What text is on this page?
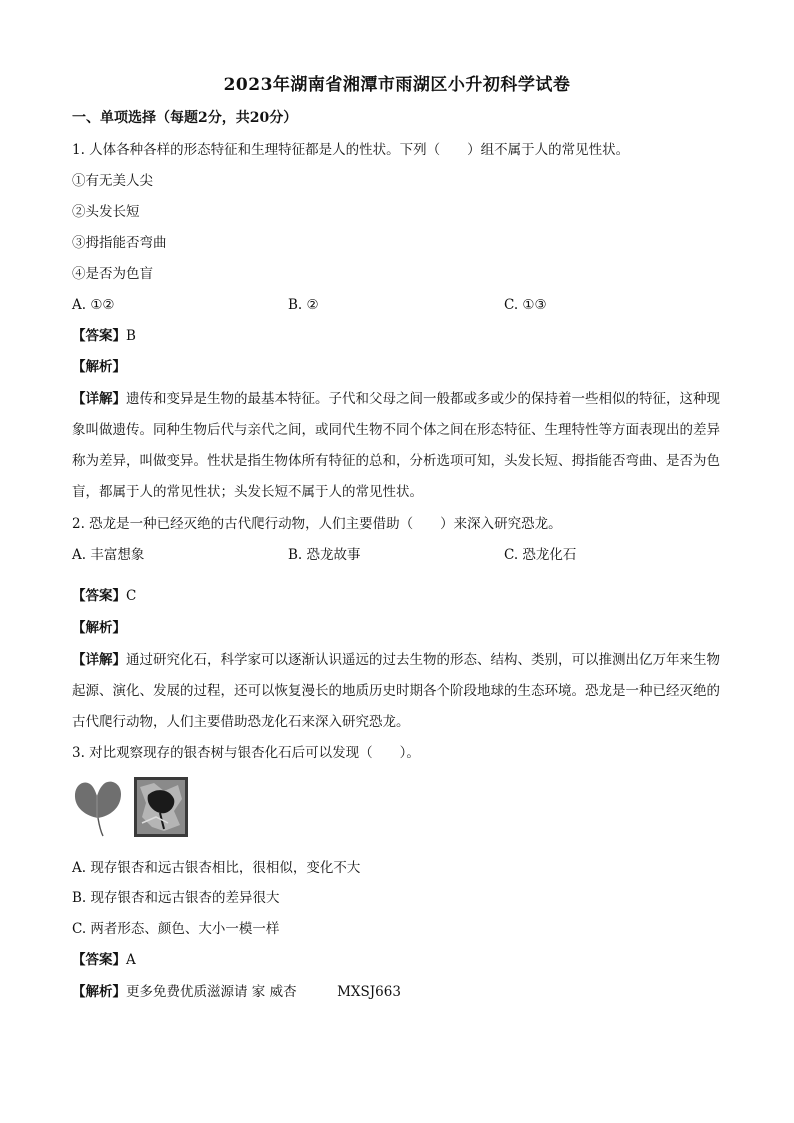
2023年湖南省湘潭市雨湖区小升初科学试卷
一、单项选择（每题2分，共20分）
1. 人体各种各样的形态特征和生理特征都是人的性状。下列（　　）组不属于人的常见性状。
①有无美人尖
②头发长短
③拇指能否弯曲
④是否为色盲
A. ①②	B. ②	C. ①③
【答案】B
【解析】
【详解】遗传和变异是生物的最基本特征。子代和父母之间一般都或多或少的保持着一些相似的特征，这种现象叫做遗传。同种生物后代与亲代之间，或同代生物不同个体之间在形态特征、生理特性等方面表现出的差异称为差异，叫做变异。性状是指生物体所有特征的总和，分析选项可知，头发长短、拇指能否弯曲、是否为色盲，都属于人的常见性状；头发长短不属于人的常见性状。
2. 恐龙是一种已经灭绝的古代爬行动物，人们主要借助（　　）来深入研究恐龙。
A. 丰富想象	B. 恐龙故事	C. 恐龙化石
【答案】C
【解析】
【详解】通过研究化石，科学家可以逐渐认识遥远的过去生物的形态、结构、类别，可以推测出亿万年来生物起源、演化、发展的过程，还可以恢复漫长的地质历史时期各个阶段地球的生态环境。恐龙是一种已经灭绝的古代爬行动物，人们主要借助恐龙化石来深入研究恐龙。
3. 对比观察现存的银杏树与银杏化石后可以发现（　　）。
A. 现存银杏和远古银杏相比，很相似，变化不大
B. 现存银杏和远古银杏的差异很大
C. 两者形态、颜色、大小一模一样
【答案】A
【解析】更多免费优质滋源请 家 威杏　　　MXSJ663
